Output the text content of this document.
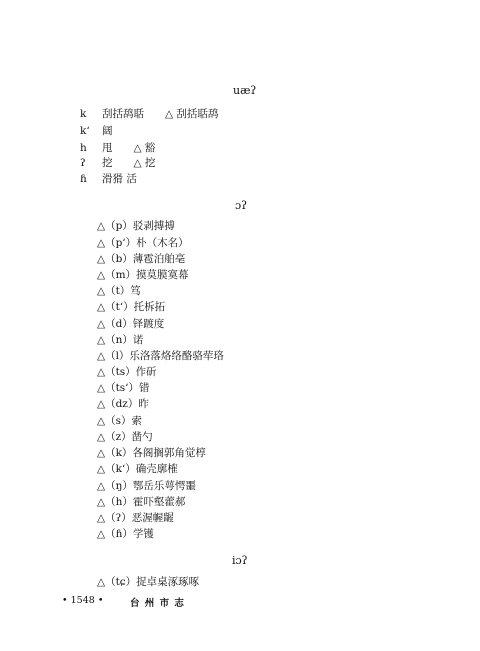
uæʔ
k 刮括鸹聒　　△ 刮括聒鸹
kʻ 阔
h 甩　　△ 豁
ʔ 挖　　△ 挖
ɦ 滑猾 活
ɔʔ
△（p）驳剥搏搏
△（pʻ）朴（木名）
△（b）薄雹泊舶亳
△（m）摸莫膜寞幕
△（t）笃
△（tʻ）托柝拓
△（d）铎踱度
△（n）诺
△（l）乐洛落烙络酪骆荦珞
△（ts）作斫
△（tsʻ）错
△（dz）昨
△（s）索
△（z）凿勺
△（k）各阁搁郭角觉椁
△（kʻ）确壳廓榷
△（ŋ）鄂岳乐萼愕噩
△（h）霍吓壑藿郝
△（ʔ）恶渥幄龌
△（ɦ）学镬
iɔʔ
△（tɕ）捉卓桌涿琢啄
• 1548 •	台 州 市 志
